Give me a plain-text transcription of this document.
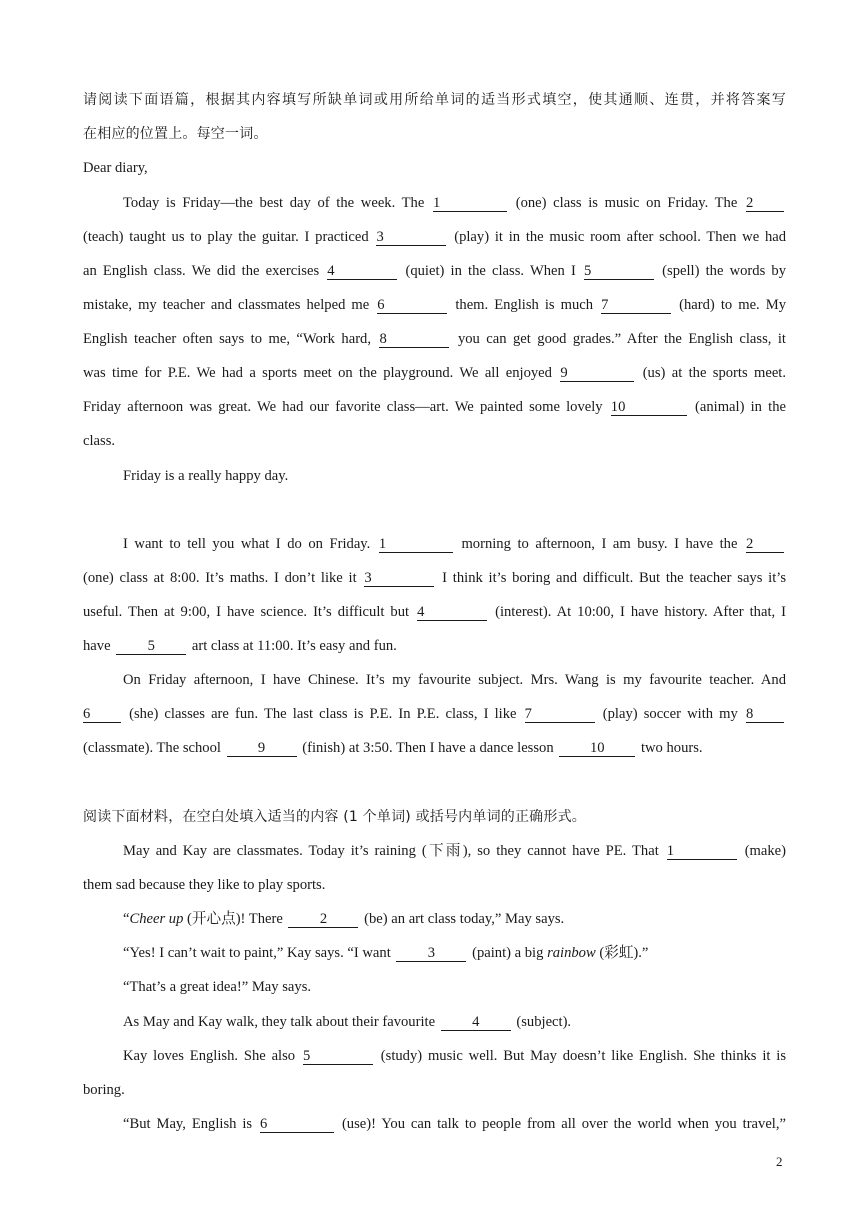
请阅读下面语篇，根据其内容填写所缺单词或用所给单词的适当形式填空，使其通顺、连贯，并将答案写
在相应的位置上。每空一词。
Dear diary,
Today is Friday—the best day of the week. The 1	(one) class is music on Friday. The 2
(teach) taught us to play the guitar. I practiced 3	(play) it in the music room after school. Then we had
an English class. We did the exercises 4	(quiet) in the class. When I 5	(spell) the words by
mistake, my teacher and classmates helped me 6	them. English is much 7	(hard) to me. My
English teacher often says to me, “Work hard, 8	you can get good grades.” After the English class, it
was time for P.E. We had a sports meet on the playground. We all enjoyed 9	(us) at the sports meet.
Friday afternoon was great. We had our favorite class—art. We painted some lovely 10	(animal) in the
class.
Friday is a really happy day.
I want to tell you what I do on Friday. 1	morning to afternoon, I am busy. I have the 2
(one) class at 8:00. It’s maths. I don’t like it 3	I think it’s boring and difficult. But the teacher says it’s
useful. Then at 9:00, I have science. It’s difficult but 4	(interest). At 10:00, I have history. After that, I
have	5	art class at 11:00. It’s easy and fun.
On Friday afternoon, I have Chinese. It’s my favourite subject. Mrs. Wang is my favourite teacher. And
6	(she) classes are fun. The last class is P.E. In P.E. class, I like 7	(play) soccer with my 8
(classmate). The school	9	(finish) at 3:50. Then I have a dance lesson 10 two hours.
阅读下面材料，在空白处填入适当的内容 (1 个单词) 或括号内单词的正确形式。
May and Kay are classmates. Today it’s raining (下雨), so they cannot have PE. That 1	(make)
them sad because they like to play sports.
“Cheer up (开心点)! There	2	(be) an art class today,” May says.
“Yes! I can’t wait to paint,” Kay says. “I want	3	(paint) a big rainbow (彩虹).”
“That’s a great idea!” May says.
As May and Kay walk, they talk about their favourite	4	(subject).
Kay loves English. She also 5	(study) music well. But May doesn’t like English. She thinks it is
boring.
“But May, English is 6	(use)! You can talk to people from all over the world when you travel,”
2
